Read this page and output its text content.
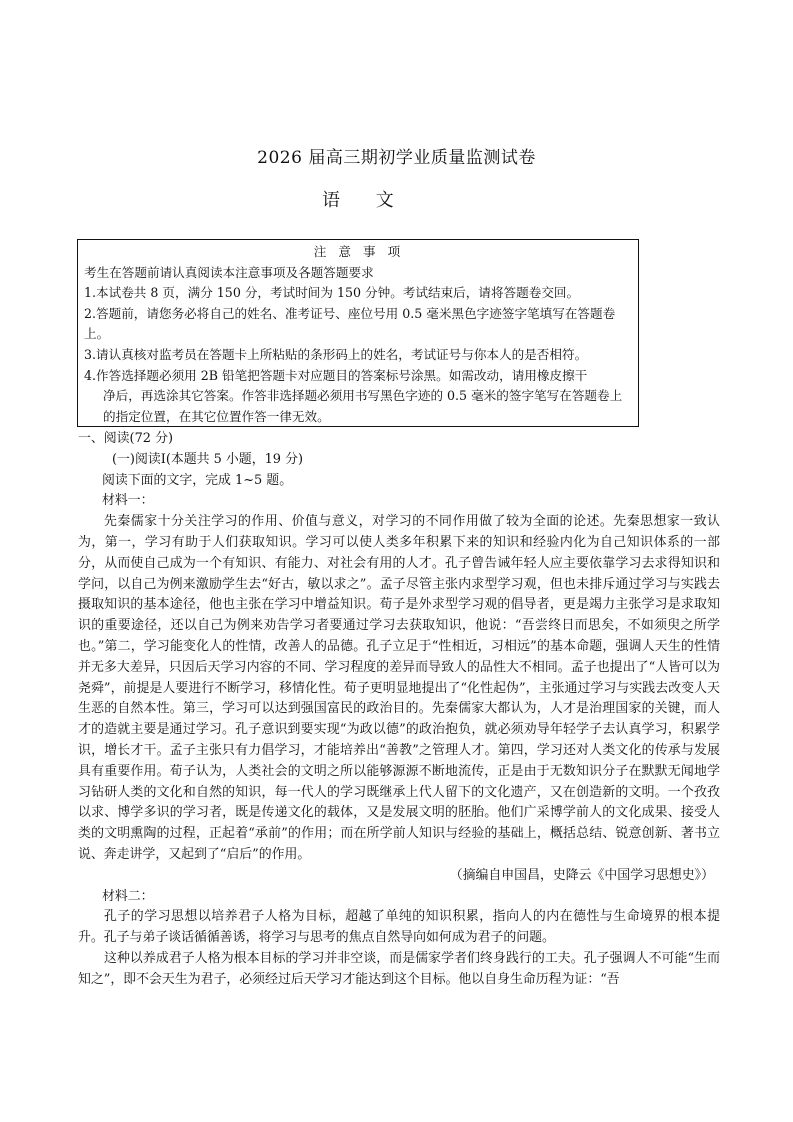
2026 届高三期初学业质量监测试卷
语 文
注 意 事 项

考生在答题前请认真阅读本注意事项及各题答题要求

1.本试卷共 8 页，满分 150 分，考试时间为 150 分钟。考试结束后，请将答题卷交回。

2.答题前，请您务必将自己的姓名、准考证号、座位号用 0.5 毫米黑色字迹签字笔填写在答题卷上。

3.请认真核对监考员在答题卡上所粘贴的条形码上的姓名，考试证号与你本人的是否相符。

4.作答选择题必须用 2B 铅笔把答题卡对应题目的答案标号涂黑。如需改动，请用橡皮擦干

净后，再选涂其它答案。作答非选择题必须用书写黑色字迹的 0.5 毫米的签字笔写在答题卷上的指定位置，在其它位置作答一律无效。

一、阅读(72 分)

(一)阅读Ⅰ(本题共 5 小题，19 分)

阅读下面的文字，完成 1~5 题。

材料一：

先秦儒家十分关注学习的作用、价值与意义，对学习的不同作用做了较为全面的论述。先秦思想家一致认为，第一，学习有助于人们获取知识。学习可以使人类多年积累下来的知识和经验内化为自己知识体系的一部分，从而使自己成为一个有知识、有能力、对社会有用的人才。孔子曾告诫年轻人应主要依靠学习去求得知识和学问，以自己为例来激励学生去“好古，敏以求之”。孟子尽管主张内求型学习观，但也未排斥通过学习与实践去摄取知识的基本途径，他也主张在学习中增益知识。荀子是外求型学习观的倡导者，更是竭力主张学习是求取知识的重要途径，还以自己为例来劝告学习者要通过学习去获取知识，他说：“吾尝终日而思矣，不如须臾之所学也。”第二，学习能变化人的性情，改善人的品德。孔子立足于“性相近，习相远”的基本命题，强调人天生的性情并无多大差异，只因后天学习内容的不同、学习程度的差异而导致人的品性大不相同。孟子也提出了“人皆可以为尧舜”，前提是人要进行不断学习，移情化性。荀子更明显地提出了“化性起伪”，主张通过学习与实践去改变人天生恶的自然本性。第三，学习可以达到强国富民的政治目的。先秦儒家大都认为，人才是治理国家的关键，而人才的造就主要是通过学习。孔子意识到要实现“为政以德”的政治抱负，就必须劝导年轻学子去认真学习，积累学识，增长才干。孟子主张只有力倡学习，才能培养出“善教”之管理人才。第四，学习还对人类文化的传承与发展具有重要作用。荀子认为，人类社会的文明之所以能够源源不断地流传，正是由于无数知识分子在默默无闻地学习钻研人类的文化和自然的知识，每一代人的学习既继承上代人留下的文化遗产，又在创造新的文明。一个孜孜以求、博学多识的学习者，既是传递文化的载体，又是发展文明的胚胎。他们广采博学前人的文化成果、接受人类的文明熏陶的过程，正起着“承前”的作用；而在所学前人知识与经验的基础上，概括总结、锐意创新、著书立说、奔走讲学，又起到了“启后”的作用。

（摘编自申国昌，史降云《中国学习思想史》）

材料二：

孔子的学习思想以培养君子人格为目标，超越了单纯的知识积累，指向人的内在德性与生命境界的根本提升。孔子与弟子谈话循循善诱，将学习与思考的焦点自然导向如何成为君子的问题。

这种以养成君子人格为根本目标的学习并非空谈，而是儒家学者们终身践行的工夫。孔子强调人不可能“生而知之”，即不会天生为君子，必须经过后天学习才能达到这个目标。他以自身生命历程为证：“吾
